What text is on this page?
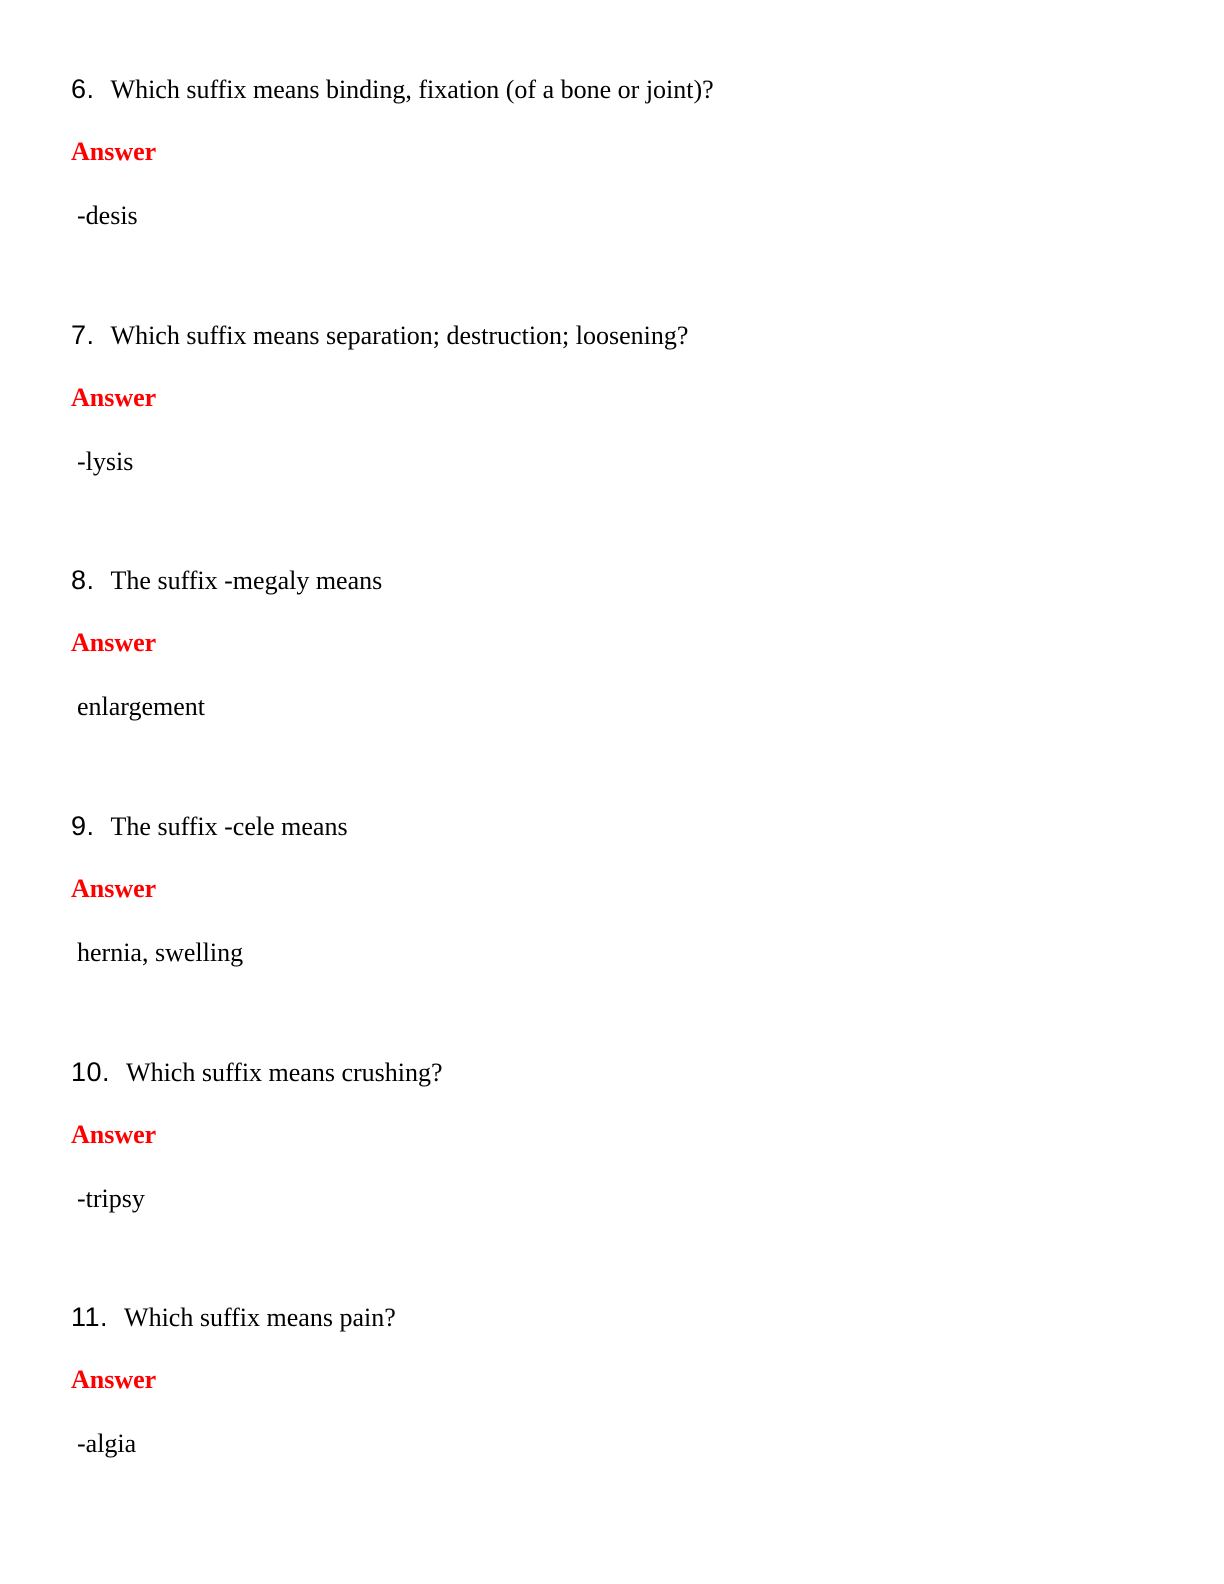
6. Which suffix means binding, fixation (of a bone or joint)?
Answer
-desis
7. Which suffix means separation; destruction; loosening?
Answer
-lysis
8. The suffix -megaly means
Answer
enlargement
9. The suffix -cele means
Answer
hernia, swelling
10. Which suffix means crushing?
Answer
-tripsy
11. Which suffix means pain?
Answer
-algia
